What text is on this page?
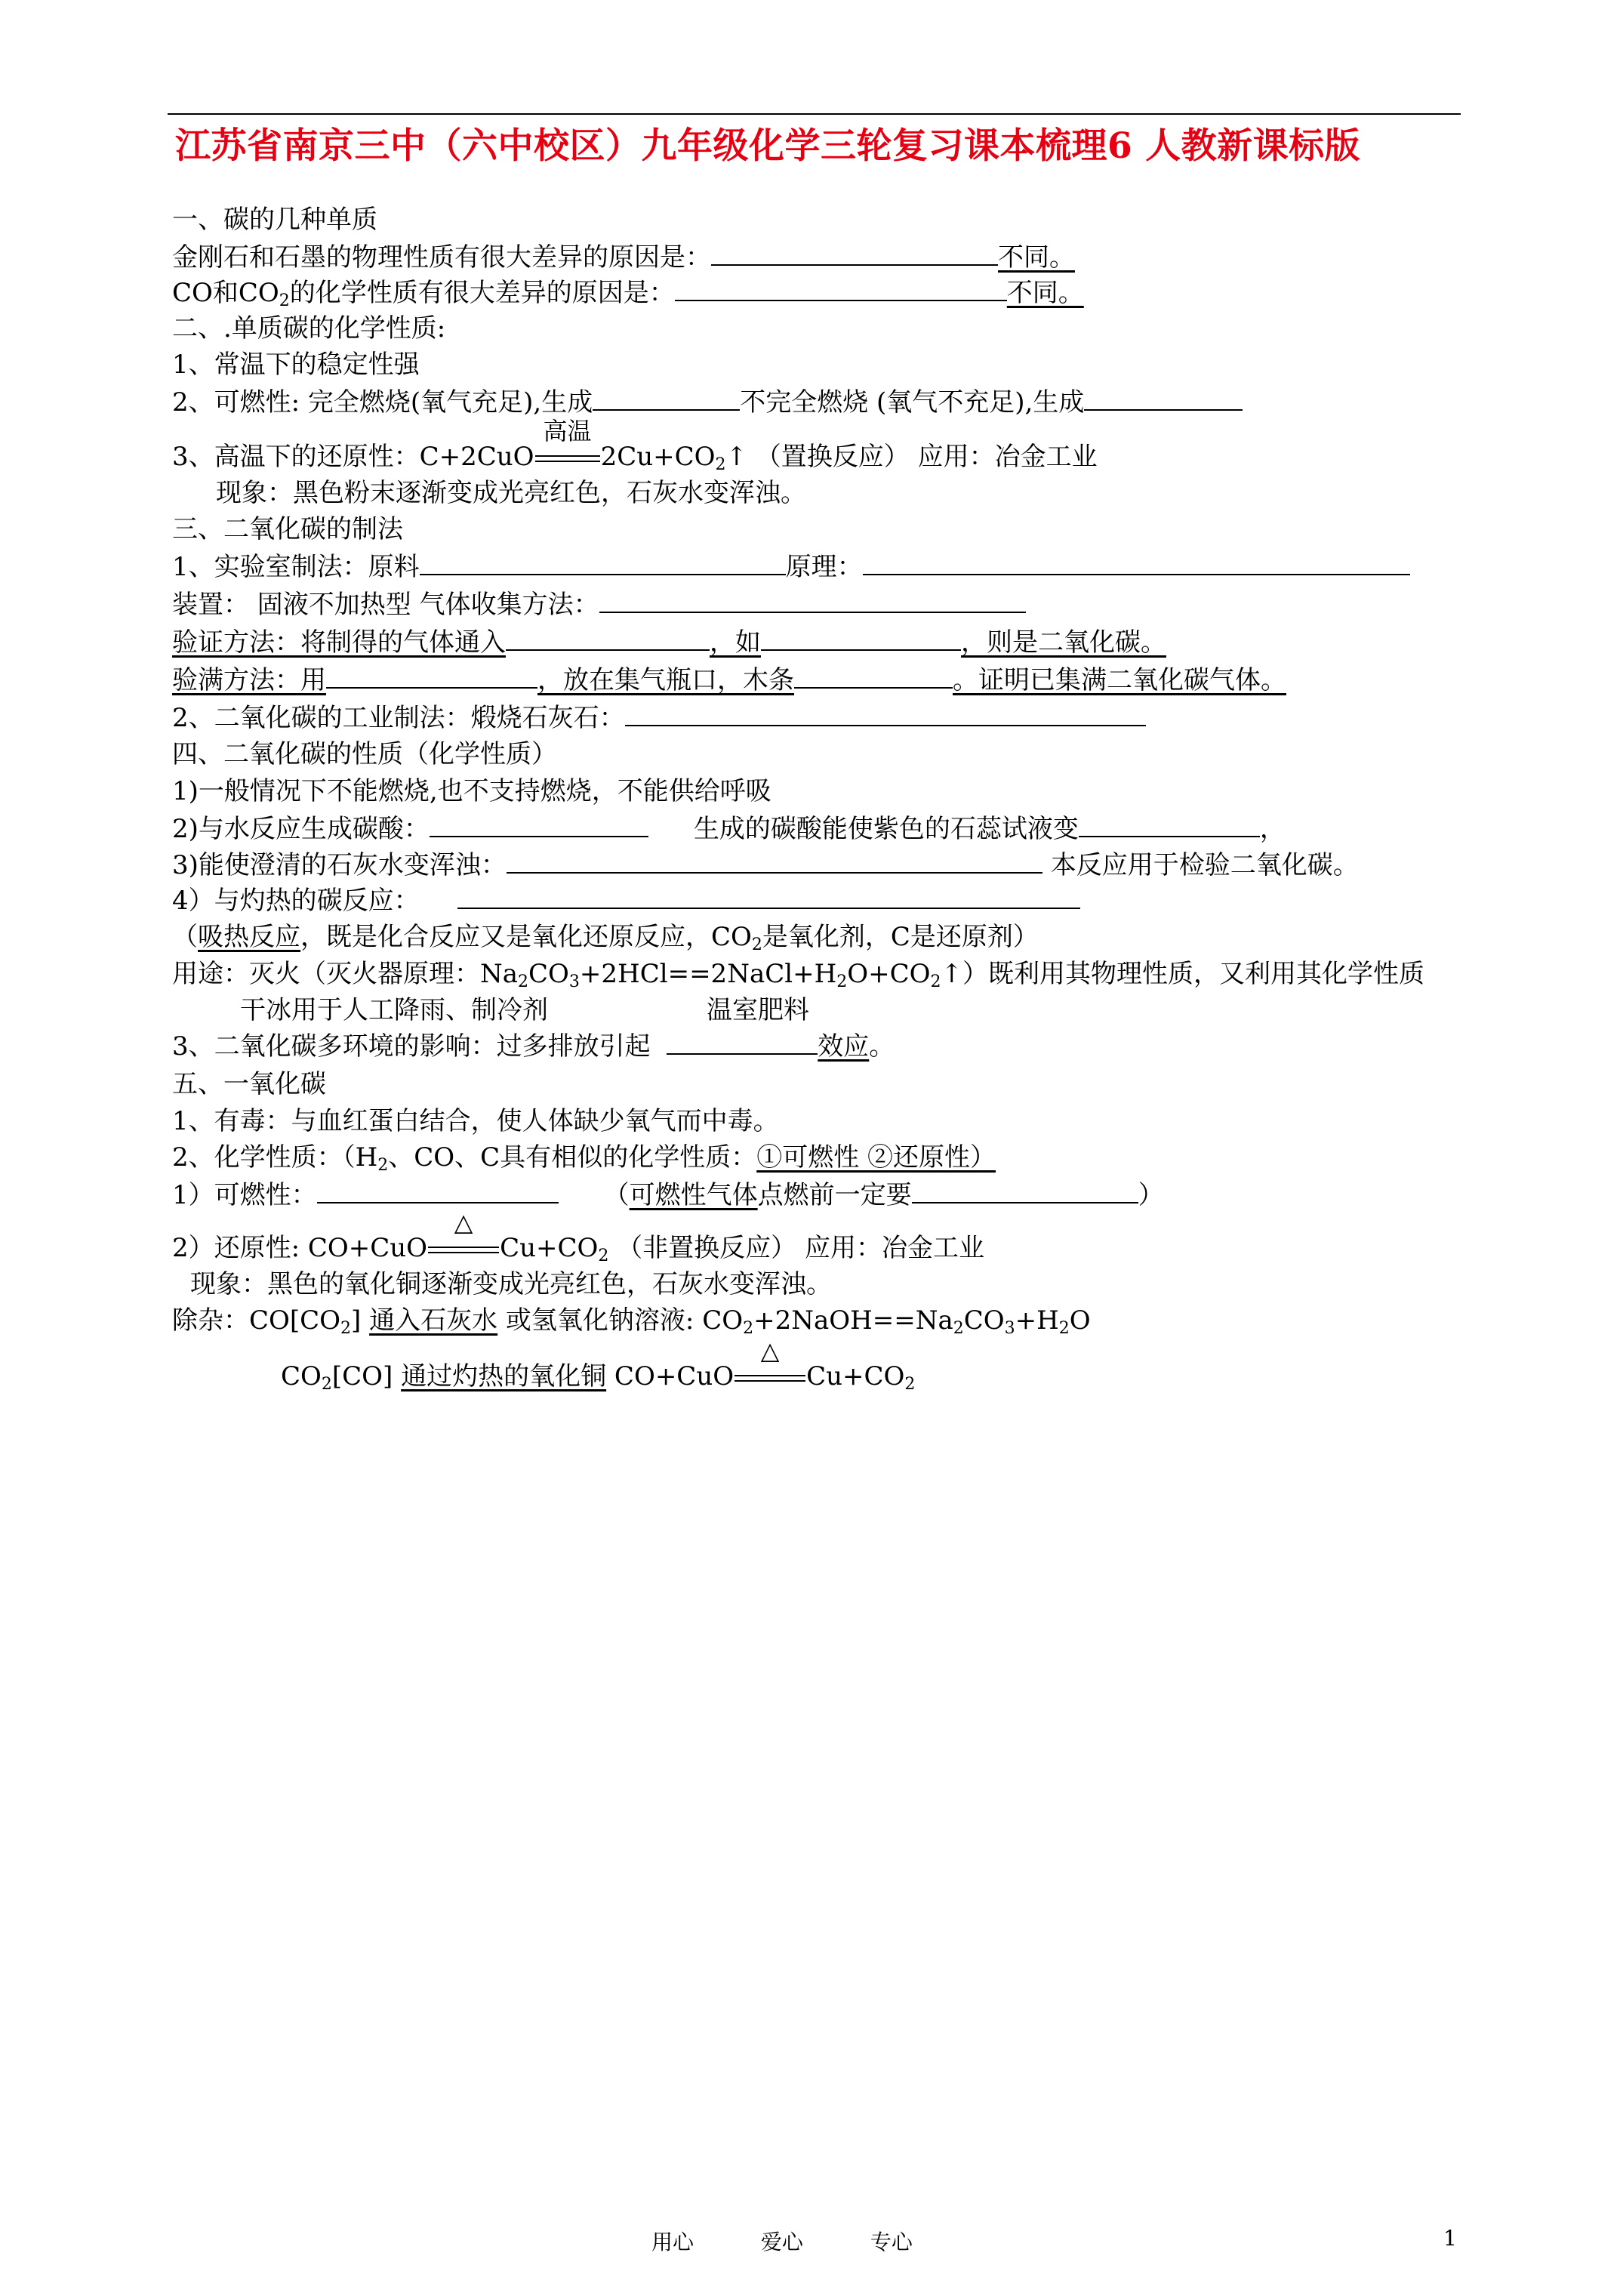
江苏省南京三中（六中校区）九年级化学三轮复习课本梳理6 人教新课标版
一、碳的几种单质
金刚石和石墨的物理性质有很大差异的原因是：	不同。
CO和$CO_2$的化学性质有很大差异的原因是：	不同。
二、.单质碳的化学性质:
1、常温下的稳定性强
2、可燃性: 完全燃烧(氧气充足),生成	不完全燃烧 (氧气不充足),生成
3、高温下的还原性：C+2CuO
高温
$2Cu+CO_2↑$ （置换反应） 应用：冶金工业
现象：黑色粉末逐渐变成光亮红色，石灰水变浑浊。
三、二氧化碳的制法
1、实验室制法：原料	原理：
装置： 固液不加热型 气体收集方法：
验证方法：将制得的气体通入	，如	，则是二氧化碳。
验满方法：用	，放在集气瓶口，木条	。证明已集满二氧化碳气体。
2、二氧化碳的工业制法：煅烧石灰石：
四、二氧化碳的性质（化学性质）
1)一般情况下不能燃烧,也不支持燃烧，不能供给呼吸
2)与水反应生成碳酸：	生成的碳酸能使紫色的石蕊试液变	，
3)能使澄清的石灰水变浑浊：	本反应用于检验二氧化碳。
4）与灼热的碳反应：
（吸热反应，既是化合反应又是氧化还原反应，$CO_2$是氧化剂，C是还原剂）
用途：灭火（灭火器原理：$Na_2CO_3+2HCl==2NaCl+H_2O+CO_2↑$）既利用其物理性质，又利用其化学性质
干冰用于人工降雨、制冷剂	温室肥料
3、二氧化碳多环境的影响：过多排放引起	效应。
五、一氧化碳
1、有毒：与血红蛋白结合，使人体缺少氧气而中毒。
2、化学性质：（$H_2$、CO、C具有相似的化学性质：①可燃性 ②还原性）
1）可燃性：	（可燃性气体点燃前一定要	）
2）还原性: CO+CuO
△
$Cu+CO_2$ （非置换反应） 应用：冶金工业
现象：黑色的氧化铜逐渐变成光亮红色，石灰水变浑浊。
除杂：$CO[CO_2]$ 通入石灰水 或氢氧化钠溶液: $CO_2+2NaOH==Na_2CO_3+H_2O$
$CO_2[CO]$ 通过灼热的氧化铜 CO+CuO
△
$Cu+CO_2$
用心	爱心	专心	1
